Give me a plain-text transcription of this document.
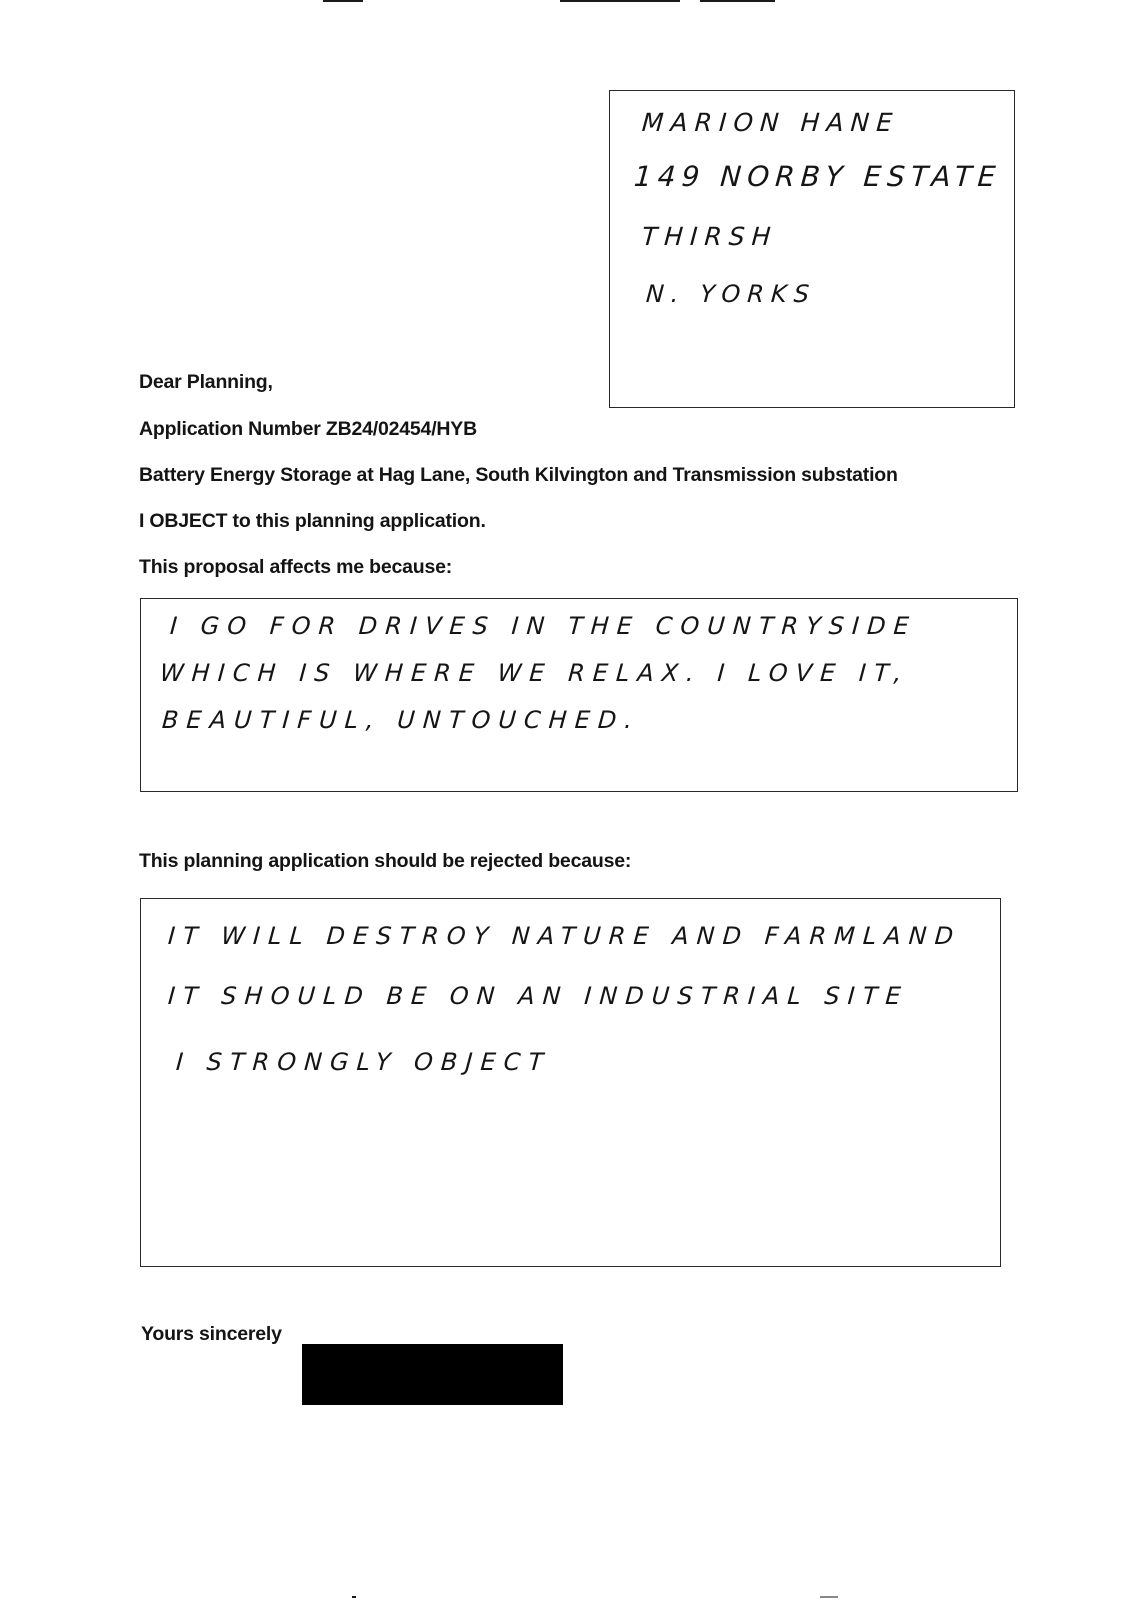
MARION HANE
149 NORBY ESTATE
THIRSH
N. YORKS
Dear Planning,
Application Number ZB24/02454/HYB
Battery Energy Storage at Hag Lane, South Kilvington and Transmission substation
I OBJECT to this planning application.
This proposal affects me because:
I GO FOR DRIVES IN THE COUNTRYSIDE
WHICH IS WHERE WE RELAX. I LOVE IT,
BEAUTIFUL, UNTOUCHED.
This planning application should be rejected because:
IT WILL DESTROY NATURE AND FARMLAND
IT SHOULD BE ON AN INDUSTRIAL SITE
I STRONGLY OBJECT
Yours sincerely
